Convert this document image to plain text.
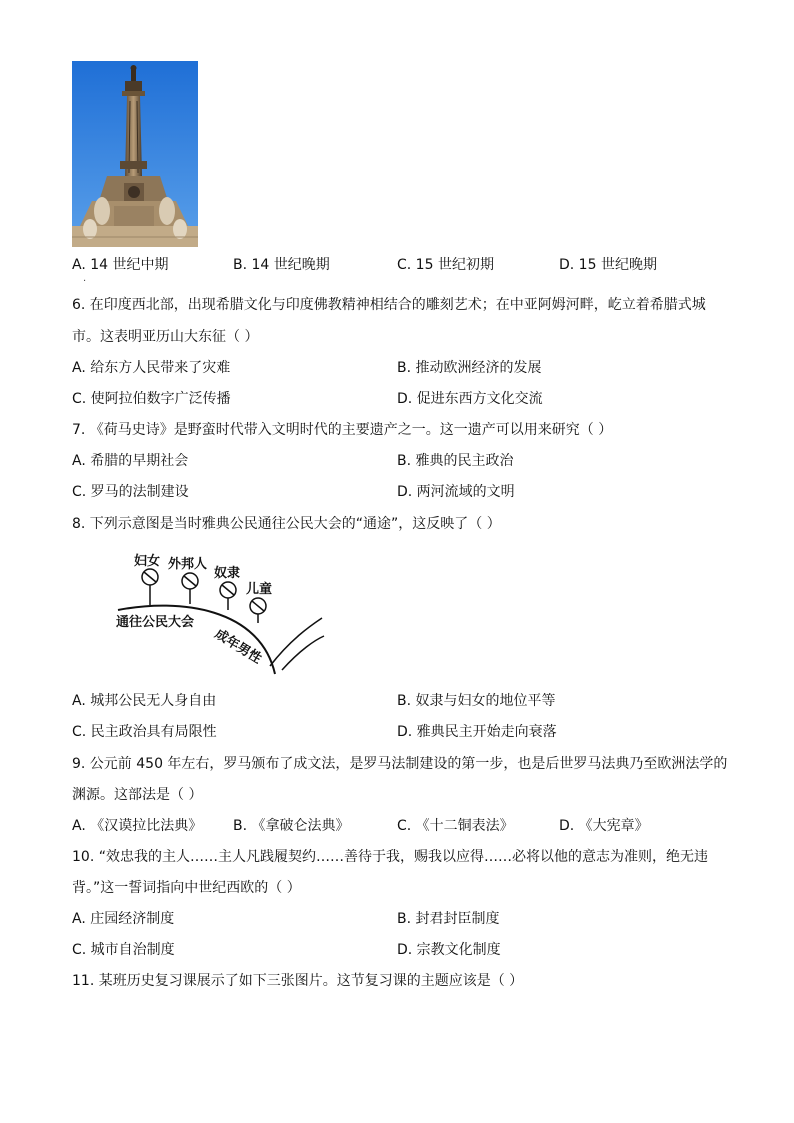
A. 14 世纪中期	B. 14 世纪晚期	C. 15 世纪初期	D. 15 世纪晚期
·
6. 在印度西北部，出现希腊文化与印度佛教精神相结合的雕刻艺术；在中亚阿姆河畔，屹立着希腊式城
市。这表明亚历山大东征（ ）
A. 给东方人民带来了灾难	B. 推动欧洲经济的发展
C. 使阿拉伯数字广泛传播	D. 促进东西方文化交流
7. 《荷马史诗》是野蛮时代带入文明时代的主要遗产之一。这一遗产可以用来研究（ ）
A. 希腊的早期社会	B. 雅典的民主政治
C. 罗马的法制建设	D. 两河流域的文明
8. 下列示意图是当时雅典公民通往公民大会的“通途”，这反映了（ ）
妇女 外邦人
奴隶
儿童
通往公民大会
成年男性
A. 城邦公民无人身自由	B. 奴隶与妇女的地位平等
C. 民主政治具有局限性	D. 雅典民主开始走向衰落
9. 公元前 450 年左右，罗马颁布了成文法，是罗马法制建设的第一步，也是后世罗马法典乃至欧洲法学的
渊源。这部法是（ ）
A. 《汉谟拉比法典》 B. 《拿破仑法典》	C. 《十二铜表法》	D. 《大宪章》
10. “效忠我的主人……主人凡践履契约……善待于我，赐我以应得……必将以他的意志为准则，绝无违
背。”这一誓词指向中世纪西欧的（ ）
A. 庄园经济制度	B. 封君封臣制度
C. 城市自治制度	D. 宗教文化制度
11. 某班历史复习课展示了如下三张图片。这节复习课的主题应该是（ ）
